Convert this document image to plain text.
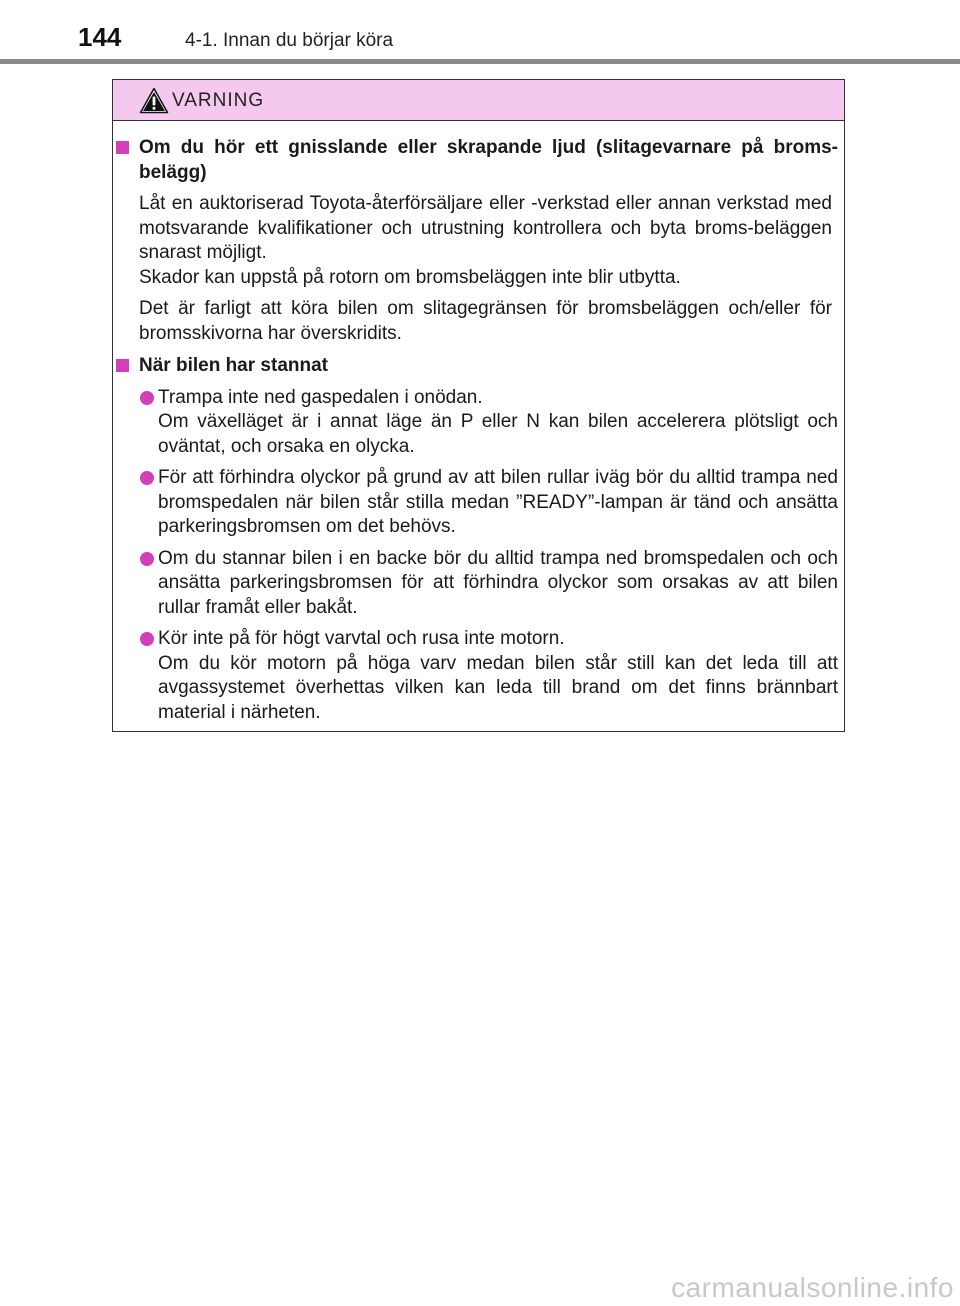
144	4-1. Innan du börjar köra
VARNING
Om du hör ett gnisslande eller skrapande ljud (slitagevarnare på broms-belägg)
Låt en auktoriserad Toyota-återförsäljare eller -verkstad eller annan verkstad med motsvarande kvalifikationer och utrustning kontrollera och byta broms-beläggen snarast möjligt.
Skador kan uppstå på rotorn om bromsbeläggen inte blir utbytta.
Det är farligt att köra bilen om slitagegränsen för bromsbeläggen och/eller för bromsskivorna har överskridits.
När bilen har stannat
Trampa inte ned gaspedalen i onödan.
Om växelläget är i annat läge än P eller N kan bilen accelerera plötsligt och oväntat, och orsaka en olycka.
För att förhindra olyckor på grund av att bilen rullar iväg bör du alltid trampa ned bromspedalen när bilen står stilla medan ”READY”-lampan är tänd och ansätta parkeringsbromsen om det behövs.
Om du stannar bilen i en backe bör du alltid trampa ned bromspedalen och och ansätta parkeringsbromsen för att förhindra olyckor som orsakas av att bilen rullar framåt eller bakåt.
Kör inte på för högt varvtal och rusa inte motorn.
Om du kör motorn på höga varv medan bilen står still kan det leda till att avgassystemet överhettas vilken kan leda till brand om det finns brännbart material i närheten.
carmanualsonline.info
